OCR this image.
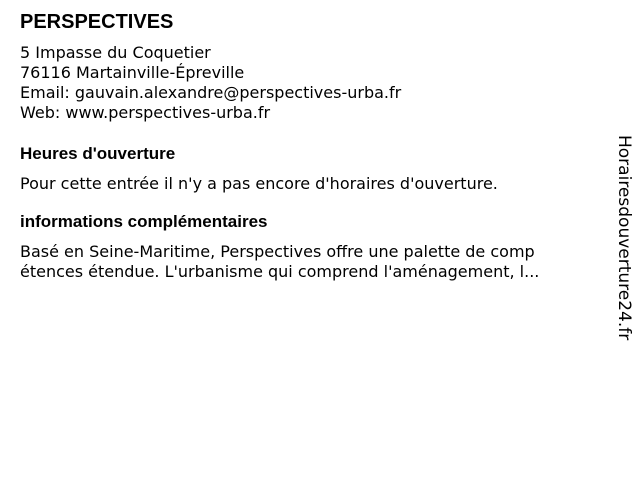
PERSPECTIVES
5 Impasse du Coquetier
76116 Martainville-Épreville
Email: gauvain.alexandre@perspectives-urba.fr
Web: www.perspectives-urba.fr
Heures d'ouverture

Pour cette entrée il n'y a pas encore d'horaires d'ouverture.

informations complémentaires
Basé en Seine-Maritime, Perspectives offre une palette de comp
étences étendue. L'urbanisme qui comprend l'aménagement, l...	Horairesdouverture24.fr
